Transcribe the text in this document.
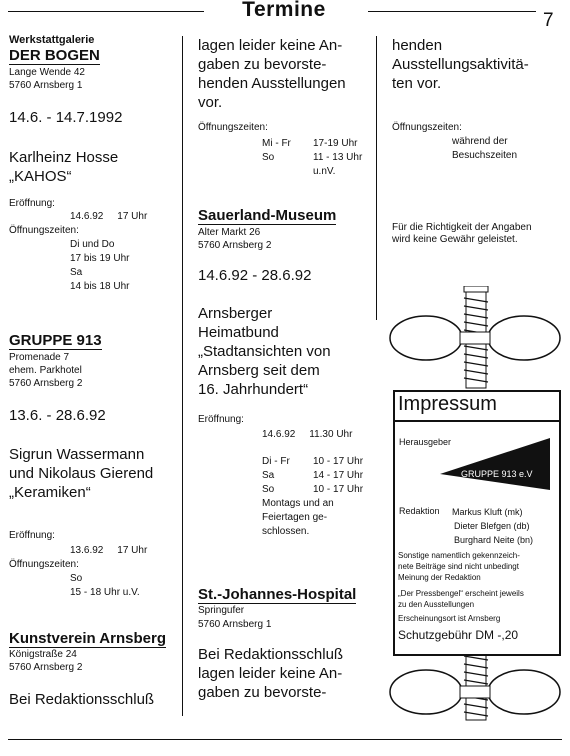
Termine	7
Werkstattgalerie
DER BOGEN
Lange Wende 42
5760 Arnsberg 1
14.6. - 14.7.1992
Karlheinz Hosse
„KAHOS“
Eröffnung:
14.6.92     17 Uhr
Öffnungszeiten:
Di und Do
17 bis 19 Uhr
Sa
14 bis 18 Uhr
GRUPPE 913
Promenade 7
ehem. Parkhotel
5760 Arnsberg 2
13.6. - 28.6.92
Sigrun Wassermann
und Nikolaus Gierend
„Keramiken“
Eröffnung:
13.6.92     17 Uhr
Öffnungszeiten:
So
15 - 18 Uhr u.V.
Kunstverein Arnsberg
Königstraße 24
5760 Arnsberg 2
Bei Redaktionsschluß
lagen leider keine An-
gaben zu bevorste-
henden Ausstellungen
vor.
Öffnungszeiten:
Mi - Fr
So
17-19 Uhr
11 - 13 Uhr
u.nV.
Sauerland-Museum
Alter Markt 26
5760 Arnsberg 2
14.6.92 - 28.6.92
Arnsberger
Heimatbund
„Stadtansichten von
Arnsberg seit dem
16. Jahrhundert“
Eröffnung:
14.6.92     11.30 Uhr
Di - Fr
Sa
So
10 - 17 Uhr
14 - 17 Uhr
10 - 17 Uhr
Montags und an
Feiertagen ge-
schlossen.
St.-Johannes-Hospital
Springufer
5760 Arnsberg 1
Bei Redaktionsschluß
lagen leider keine An-
gaben zu bevorste-
henden
Ausstellungsaktivitä-
ten vor.
Öffnungszeiten:
während der
Besuchszeiten
Für die Richtigkeit der Angaben
wird keine Gewähr geleistet.
Impressum
Herausgeber
GRUPPE 913 e.V
Redaktion Markus Kluft (mk)
Dieter Blefgen (db)
Burghard Neite (bn)
Sonstige namentlich gekennzeich-
nete Beiträge sind nicht unbedingt
Meinung der Redaktion
„Der Pressbengel“ erscheint jeweils
zu den Ausstellungen
Erscheinungsort ist Arnsberg
Schutzgebühr DM -,20
